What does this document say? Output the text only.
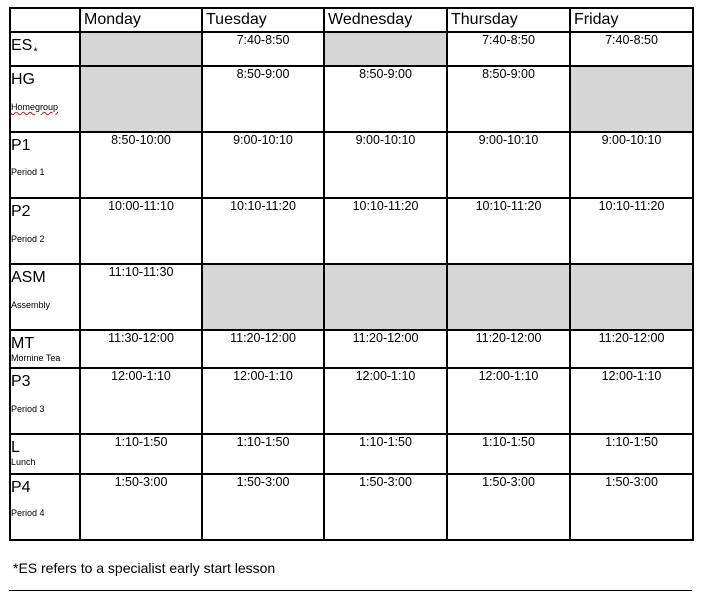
	Monday	Tuesday	Wednesday	Thursday	Friday

$ES_*$		7:40-8:50		7:40-8:50	7:40-8:50

HG
Homegroup		8:50-9:00	8:50-9:00	8:50-9:00	

P1
Period 1	8:50-10:00	9:00-10:10	9:00-10:10	9:00-10:10	9:00-10:10

P2
Period 2	10:00-11:10	10:10-11:20	10:10-11:20	10:10-11:20	10:10-11:20

ASM
Assembly	11:10-11:30				

MT
Mornine Tea	11:30-12:00	11:20-12:00	11:20-12:00	11:20-12:00	11:20-12:00

P3
Period 3	12:00-1:10	12:00-1:10	12:00-1:10	12:00-1:10	12:00-1:10

L
Lunch	1:10-1:50	1:10-1:50	1:10-1:50	1:10-1:50	1:10-1:50

P4
Period 4	1:50-3:00	1:50-3:00	1:50-3:00	1:50-3:00	1:50-3:00
*ES refers to a specialist early start lesson
